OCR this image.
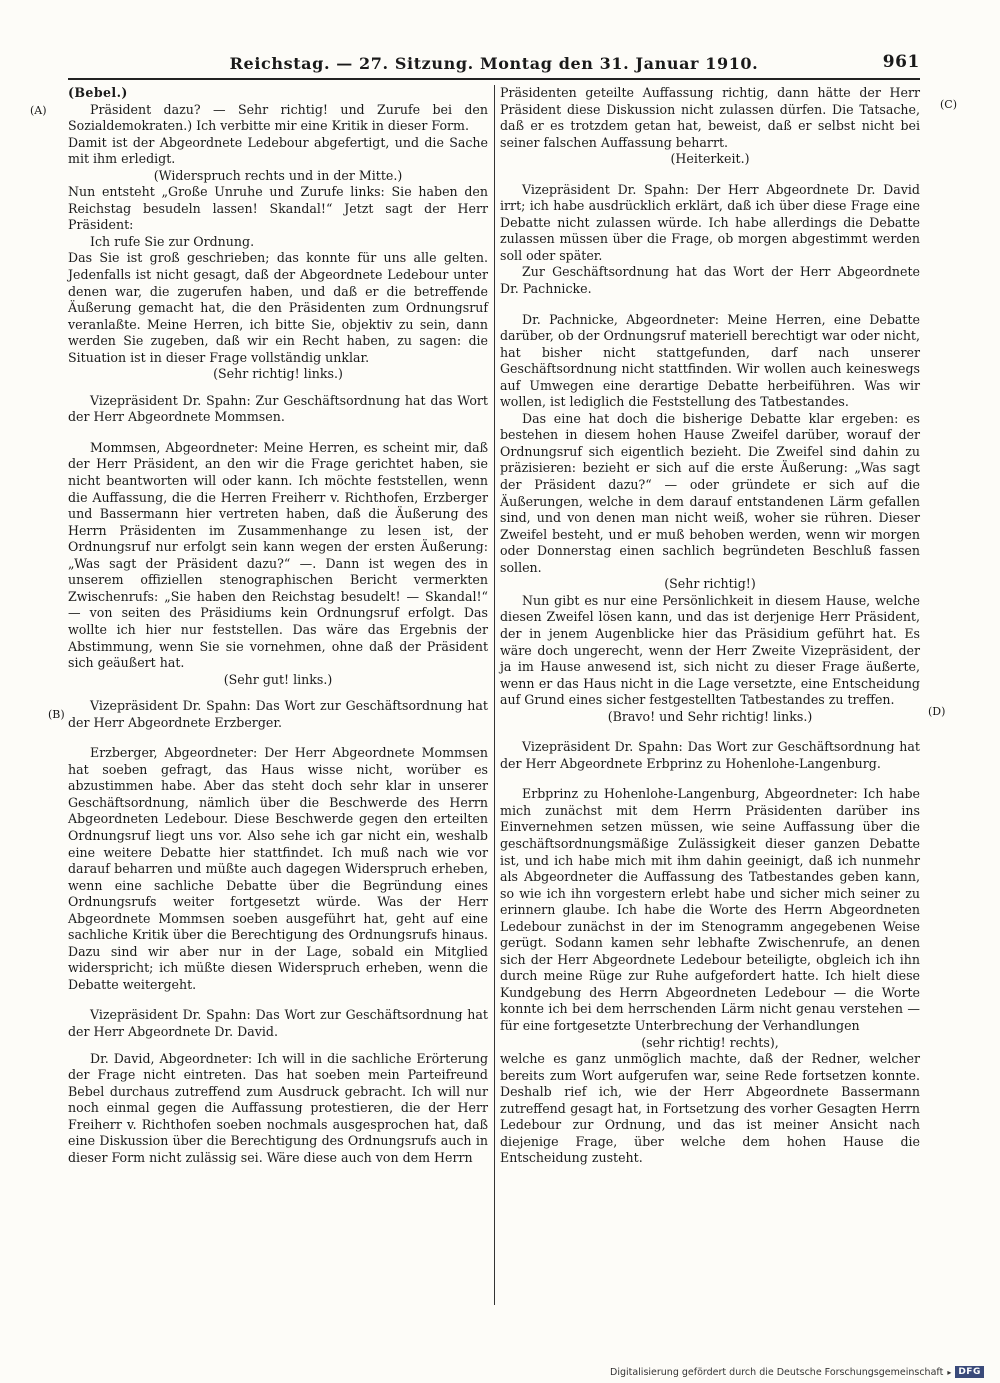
Reichstag. — 27. Sitzung. Montag den 31. Januar 1910.	961
(A)	(C)
(B)	(D)

(Bebel.)

Präsident dazu? — Sehr richtig! und Zurufe bei den Sozialdemokraten.) Ich verbitte mir eine Kritik in dieser Form.

Damit ist der Abgeordnete Ledebour abgefertigt, und die Sache mit ihm erledigt.

(Widerspruch rechts und in der Mitte.)

Nun entsteht „Große Unruhe und Zurufe links: Sie haben den Reichstag besudeln lassen! Skandal!“ Jetzt sagt der Herr Präsident:

Ich rufe Sie zur Ordnung.

Das Sie ist groß geschrieben; das konnte für uns alle gelten. Jedenfalls ist nicht gesagt, daß der Abgeordnete Ledebour unter denen war, die zugerufen haben, und daß er die betreffende Äußerung gemacht hat, die den Präsidenten zum Ordnungsruf veranlaßte. Meine Herren, ich bitte Sie, objektiv zu sein, dann werden Sie zugeben, daß wir ein Recht haben, zu sagen: die Situation ist in dieser Frage vollständig unklar.

(Sehr richtig! links.)

Vizepräsident Dr. Spahn: Zur Geschäftsordnung hat das Wort der Herr Abgeordnete Mommsen.

Mommsen, Abgeordneter: Meine Herren, es scheint mir, daß der Herr Präsident, an den wir die Frage gerichtet haben, sie nicht beantworten will oder kann. Ich möchte feststellen, wenn die Auffassung, die die Herren Freiherr v. Richthofen, Erzberger und Bassermann hier vertreten haben, daß die Äußerung des Herrn Präsidenten im Zusammenhange zu lesen ist, der Ordnungsruf nur erfolgt sein kann wegen der ersten Äußerung: „Was sagt der Präsident dazu?“ —. Dann ist wegen des in unserem offiziellen stenographischen Bericht vermerkten Zwischenrufs: „Sie haben den Reichstag besudelt! — Skandal!“ — von seiten des Präsidiums kein Ordnungsruf erfolgt. Das wollte ich hier nur feststellen. Das wäre das Ergebnis der Abstimmung, wenn Sie sie vornehmen, ohne daß der Präsident sich geäußert hat.

(Sehr gut! links.)

Vizepräsident Dr. Spahn: Das Wort zur Geschäftsordnung hat der Herr Abgeordnete Erzberger.

Erzberger, Abgeordneter: Der Herr Abgeordnete Mommsen hat soeben gefragt, das Haus wisse nicht, worüber es abzustimmen habe. Aber das steht doch sehr klar in unserer Geschäftsordnung, nämlich über die Beschwerde des Herrn Abgeordneten Ledebour. Diese Beschwerde gegen den erteilten Ordnungsruf liegt uns vor. Also sehe ich gar nicht ein, weshalb eine weitere Debatte hier stattfindet. Ich muß nach wie vor darauf beharren und müßte auch dagegen Widerspruch erheben, wenn eine sachliche Debatte über die Begründung eines Ordnungsrufs weiter fortgesetzt würde. Was der Herr Abgeordnete Mommsen soeben ausgeführt hat, geht auf eine sachliche Kritik über die Berechtigung des Ordnungsrufs hinaus. Dazu sind wir aber nur in der Lage, sobald ein Mitglied widerspricht; ich müßte diesen Widerspruch erheben, wenn die Debatte weitergeht.

Vizepräsident Dr. Spahn: Das Wort zur Geschäftsordnung hat der Herr Abgeordnete Dr. David.

Dr. David, Abgeordneter: Ich will in die sachliche Erörterung der Frage nicht eintreten. Das hat soeben mein Parteifreund Bebel durchaus zutreffend zum Ausdruck gebracht. Ich will nur noch einmal gegen die Auffassung protestieren, die der Herr Freiherr v. Richthofen soeben nochmals ausgesprochen hat, daß eine Diskussion über die Berechtigung des Ordnungsrufs auch in dieser Form nicht zulässig sei. Wäre diese auch von dem Herrn

Präsidenten geteilte Auffassung richtig, dann hätte der Herr Präsident diese Diskussion nicht zulassen dürfen. Die Tatsache, daß er es trotzdem getan hat, beweist, daß er selbst nicht bei seiner falschen Auffassung beharrt.

(Heiterkeit.)

Vizepräsident Dr. Spahn: Der Herr Abgeordnete Dr. David irrt; ich habe ausdrücklich erklärt, daß ich über diese Frage eine Debatte nicht zulassen würde. Ich habe allerdings die Debatte zulassen müssen über die Frage, ob morgen abgestimmt werden soll oder später.

Zur Geschäftsordnung hat das Wort der Herr Abgeordnete Dr. Pachnicke.

Dr. Pachnicke, Abgeordneter: Meine Herren, eine Debatte darüber, ob der Ordnungsruf materiell berechtigt war oder nicht, hat bisher nicht stattgefunden, darf nach unserer Geschäftsordnung nicht stattfinden. Wir wollen auch keineswegs auf Umwegen eine derartige Debatte herbeiführen. Was wir wollen, ist lediglich die Feststellung des Tatbestandes.

Das eine hat doch die bisherige Debatte klar ergeben: es bestehen in diesem hohen Hause Zweifel darüber, worauf der Ordnungsruf sich eigentlich bezieht. Die Zweifel sind dahin zu präzisieren: bezieht er sich auf die erste Äußerung: „Was sagt der Präsident dazu?“ — oder gründete er sich auf die Äußerungen, welche in dem darauf entstandenen Lärm gefallen sind, und von denen man nicht weiß, woher sie rühren. Dieser Zweifel besteht, und er muß behoben werden, wenn wir morgen oder Donnerstag einen sachlich begründeten Beschluß fassen sollen.

(Sehr richtig!)

Nun gibt es nur eine Persönlichkeit in diesem Hause, welche diesen Zweifel lösen kann, und das ist derjenige Herr Präsident, der in jenem Augenblicke hier das Präsidium geführt hat. Es wäre doch ungerecht, wenn der Herr Zweite Vizepräsident, der ja im Hause anwesend ist, sich nicht zu dieser Frage äußerte, wenn er das Haus nicht in die Lage versetzte, eine Entscheidung auf Grund eines sicher festgestellten Tatbestandes zu treffen.

(Bravo! und Sehr richtig! links.)

Vizepräsident Dr. Spahn: Das Wort zur Geschäftsordnung hat der Herr Abgeordnete Erbprinz zu Hohenlohe-Langenburg.

Erbprinz zu Hohenlohe-Langenburg, Abgeordneter: Ich habe mich zunächst mit dem Herrn Präsidenten darüber ins Einvernehmen setzen müssen, wie seine Auffassung über die geschäftsordnungsmäßige Zulässigkeit dieser ganzen Debatte ist, und ich habe mich mit ihm dahin geeinigt, daß ich nunmehr als Abgeordneter die Auffassung des Tatbestandes geben kann, so wie ich ihn vorgestern erlebt habe und sicher mich seiner zu erinnern glaube. Ich habe die Worte des Herrn Abgeordneten Ledebour zunächst in der im Stenogramm angegebenen Weise gerügt. Sodann kamen sehr lebhafte Zwischenrufe, an denen sich der Herr Abgeordnete Ledebour beteiligte, obgleich ich ihn durch meine Rüge zur Ruhe aufgefordert hatte. Ich hielt diese Kundgebung des Herrn Abgeordneten Ledebour — die Worte konnte ich bei dem herrschenden Lärm nicht genau verstehen — für eine fortgesetzte Unterbrechung der Verhandlungen

(sehr richtig! rechts),

welche es ganz unmöglich machte, daß der Redner, welcher bereits zum Wort aufgerufen war, seine Rede fortsetzen konnte. Deshalb rief ich, wie der Herr Abgeordnete Bassermann zutreffend gesagt hat, in Fortsetzung des vorher Gesagten Herrn Ledebour zur Ordnung, und das ist meiner Ansicht nach diejenige Frage, über welche dem hohen Hause die Entscheidung zusteht.

Digitalisierung gefördert durch die Deutsche Forschungsgemeinschaft ▸ DFG
